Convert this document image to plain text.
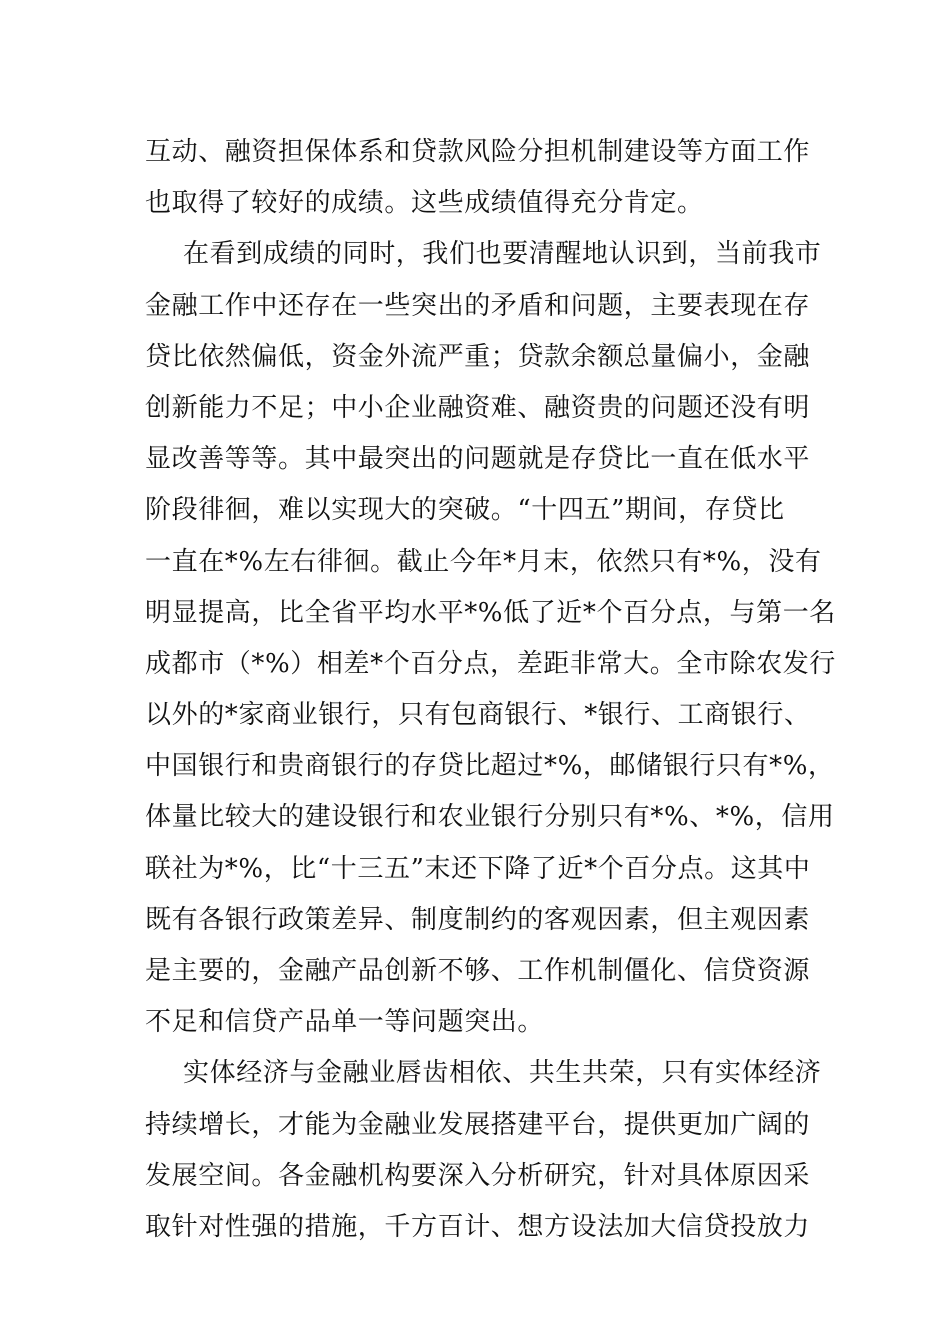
互动、融资担保体系和贷款风险分担机制建设等方面工作
也取得了较好的成绩。这些成绩值得充分肯定。
在看到成绩的同时，我们也要清醒地认识到，当前我市
金融工作中还存在一些突出的矛盾和问题，主要表现在存
贷比依然偏低，资金外流严重；贷款余额总量偏小，金融
创新能力不足；中小企业融资难、融资贵的问题还没有明
显改善等等。其中最突出的问题就是存贷比一直在低水平
阶段徘徊，难以实现大的突破。“十四五”期间，存贷比
一直在*%左右徘徊。截止今年*月末，依然只有*%，没有
明显提高，比全省平均水平*%低了近*个百分点，与第一名
成都市（*%）相差*个百分点，差距非常大。全市除农发行
以外的*家商业银行，只有包商银行、*银行、工商银行、
中国银行和贵商银行的存贷比超过*%，邮储银行只有*%，
体量比较大的建设银行和农业银行分别只有*%、*%，信用
联社为*%，比“十三五”末还下降了近*个百分点。这其中
既有各银行政策差异、制度制约的客观因素，但主观因素
是主要的，金融产品创新不够、工作机制僵化、信贷资源
不足和信贷产品单一等问题突出。
实体经济与金融业唇齿相依、共生共荣，只有实体经济
持续增长，才能为金融业发展搭建平台，提供更加广阔的
发展空间。各金融机构要深入分析研究，针对具体原因采
取针对性强的措施，千方百计、想方设法加大信贷投放力
